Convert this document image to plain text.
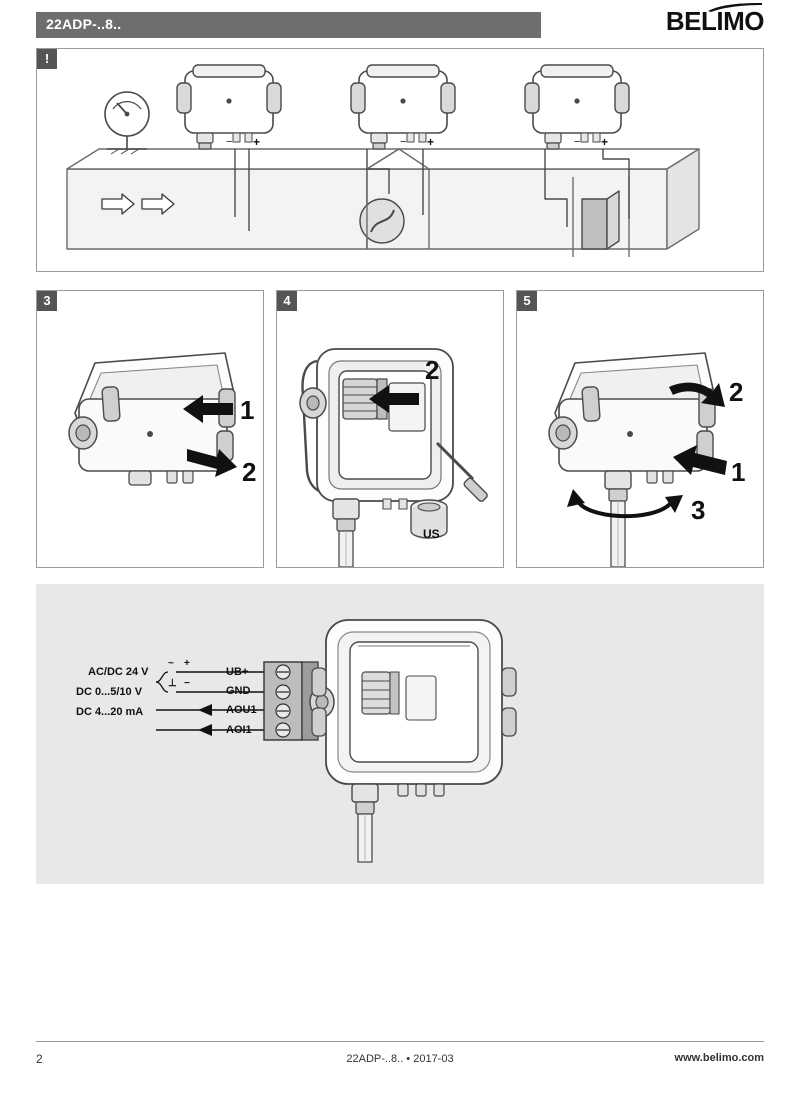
22ADP-..8..	BELIMO
!
− +	− +	− +
3
1
2
4
2
US
5
2
1
3
AC/DC 24 V
DC 0...5/10 V
DC 4...20 mA
~ +
⊥ −
UB+
GND
AOU1
AOI1
2	22ADP-..8.. • 2017-03	www.belimo.com
